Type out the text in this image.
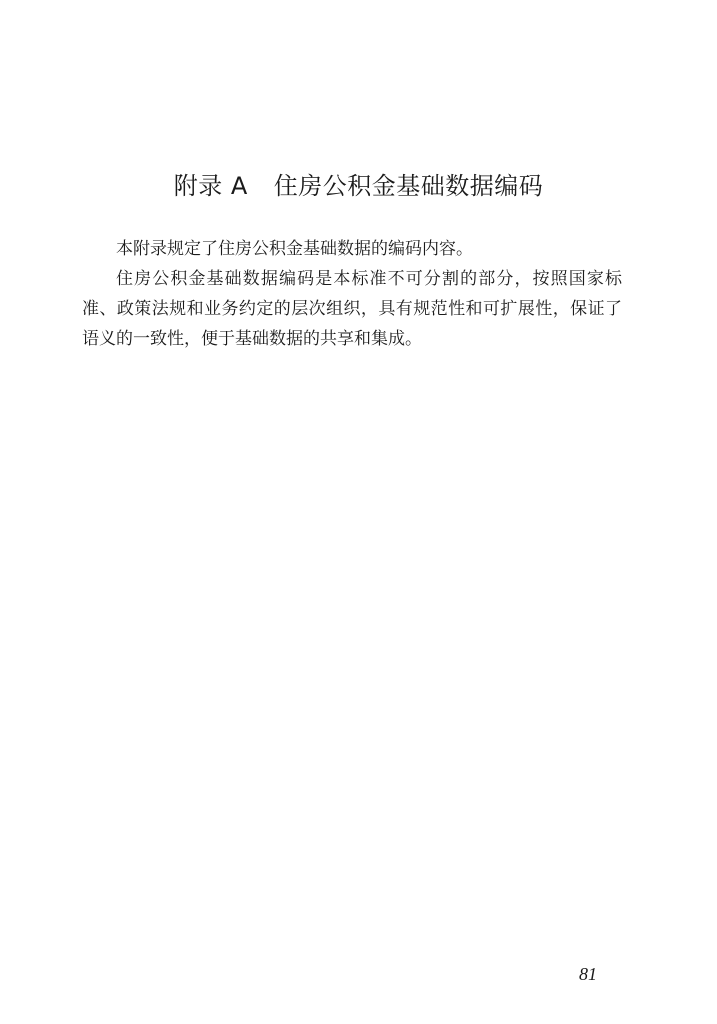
附录 A 住房公积金基础数据编码

本附录规定了住房公积金基础数据的编码内容。

住房公积金基础数据编码是本标准不可分割的部分，按照国家标准、政策法规和业务约定的层次组织，具有规范性和可扩展性，保证了语义的一致性，便于基础数据的共享和集成。

81
